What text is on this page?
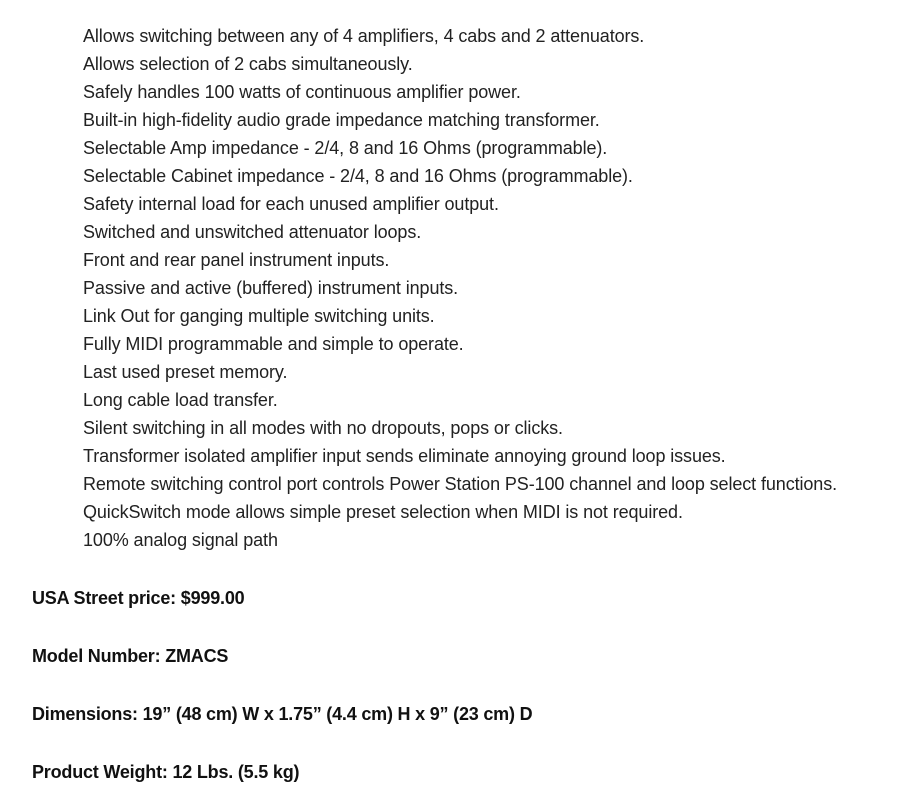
Allows switching between any of 4 amplifiers, 4 cabs and 2 attenuators.
Allows selection of 2 cabs simultaneously.
Safely handles 100 watts of continuous amplifier power.
Built-in high-fidelity audio grade impedance matching transformer.
Selectable Amp impedance - 2/4, 8 and 16 Ohms (programmable).
Selectable Cabinet impedance - 2/4, 8 and 16 Ohms (programmable).
Safety internal load for each unused amplifier output.
Switched and unswitched attenuator loops.
Front and rear panel instrument inputs.
Passive and active (buffered) instrument inputs.
Link Out for ganging multiple switching units.
Fully MIDI programmable and simple to operate.
Last used preset memory.
Long cable load transfer.
Silent switching in all modes with no dropouts, pops or clicks.
Transformer isolated amplifier input sends eliminate annoying ground loop issues.
Remote switching control port controls Power Station PS-100 channel and loop select functions.
QuickSwitch mode allows simple preset selection when MIDI is not required.
100% analog signal path

USA Street price: $999.00

Model Number: ZMACS

Dimensions: 19” (48 cm) W x 1.75” (4.4 cm) H x 9” (23 cm) D

Product Weight: 12 Lbs. (5.5 kg)
